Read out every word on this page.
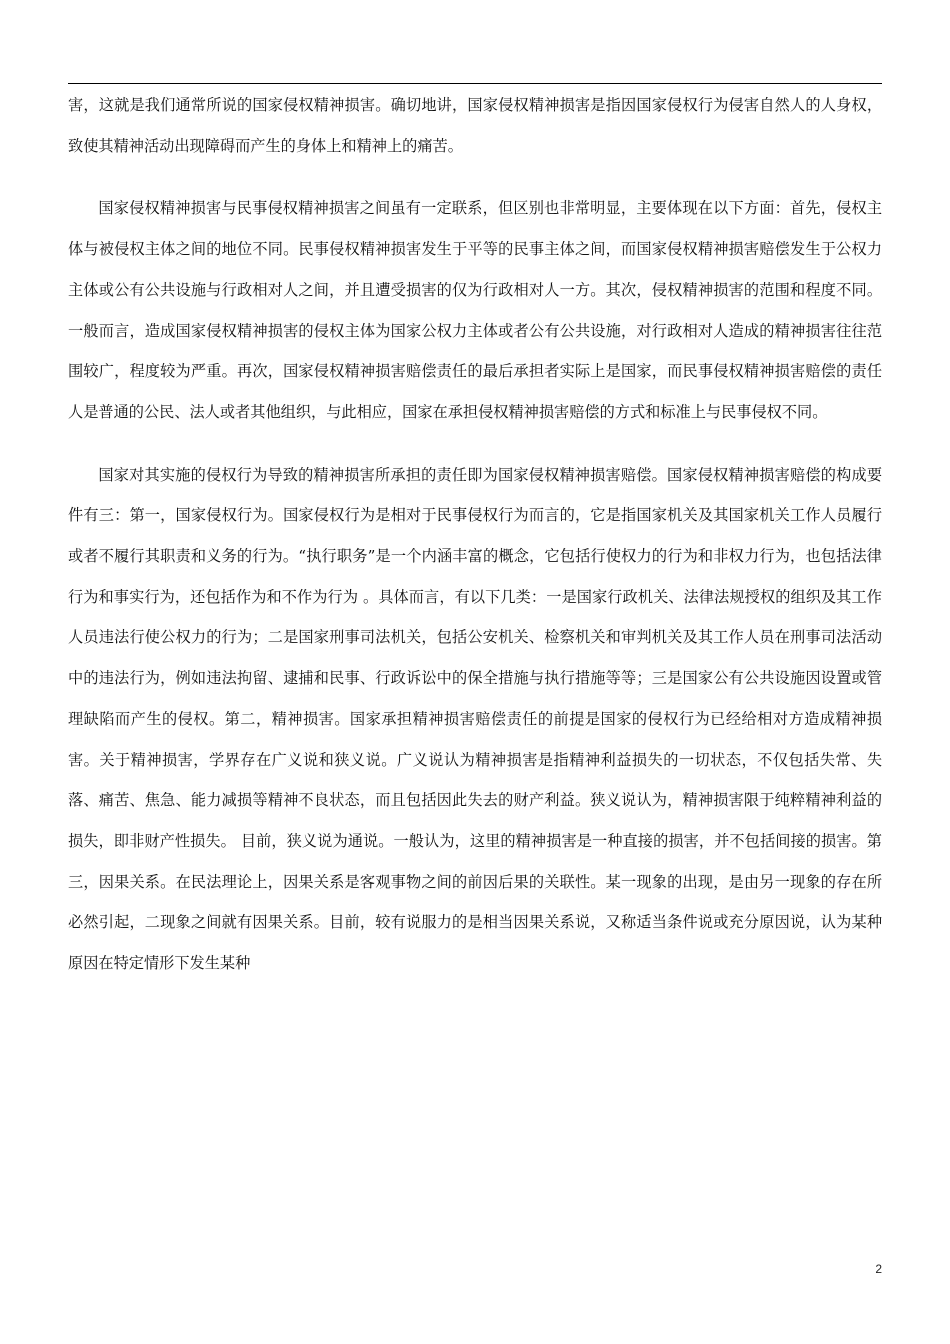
害，这就是我们通常所说的国家侵权精神损害。确切地讲，国家侵权精神损害是指因国家侵权行为侵害自然人的人身权，致使其精神活动出现障碍而产生的身体上和精神上的痛苦。

国家侵权精神损害与民事侵权精神损害之间虽有一定联系，但区别也非常明显，主要体现在以下方面：首先，侵权主体与被侵权主体之间的地位不同。民事侵权精神损害发生于平等的民事主体之间，而国家侵权精神损害赔偿发生于公权力主体或公有公共设施与行政相对人之间，并且遭受损害的仅为行政相对人一方。其次，侵权精神损害的范围和程度不同。一般而言，造成国家侵权精神损害的侵权主体为国家公权力主体或者公有公共设施，对行政相对人造成的精神损害往往范围较广，程度较为严重。再次，国家侵权精神损害赔偿责任的最后承担者实际上是国家，而民事侵权精神损害赔偿的责任人是普通的公民、法人或者其他组织，与此相应，国家在承担侵权精神损害赔偿的方式和标准上与民事侵权不同。

国家对其实施的侵权行为导致的精神损害所承担的责任即为国家侵权精神损害赔偿。国家侵权精神损害赔偿的构成要件有三：第一，国家侵权行为。国家侵权行为是相对于民事侵权行为而言的，它是指国家机关及其国家机关工作人员履行或者不履行其职责和义务的行为。“执行职务”是一个内涵丰富的概念，它包括行使权力的行为和非权力行为，也包括法律行为和事实行为，还包括作为和不作为行为 。具体而言，有以下几类：一是国家行政机关、法律法规授权的组织及其工作人员违法行使公权力的行为；二是国家刑事司法机关，包括公安机关、检察机关和审判机关及其工作人员在刑事司法活动中的违法行为，例如违法拘留、逮捕和民事、行政诉讼中的保全措施与执行措施等等；三是国家公有公共设施因设置或管理缺陷而产生的侵权。第二，精神损害。国家承担精神损害赔偿责任的前提是国家的侵权行为已经给相对方造成精神损害。关于精神损害，学界存在广义说和狭义说。广义说认为精神损害是指精神利益损失的一切状态，不仅包括失常、失落、痛苦、焦急、能力减损等精神不良状态，而且包括因此失去的财产利益。狭义说认为，精神损害限于纯粹精神利益的损失，即非财产性损失。 目前，狭义说为通说。一般认为，这里的精神损害是一种直接的损害，并不包括间接的损害。第三，因果关系。在民法理论上，因果关系是客观事物之间的前因后果的关联性。某一现象的出现，是由另一现象的存在所必然引起，二现象之间就有因果关系。目前，较有说服力的是相当因果关系说，又称适当条件说或充分原因说，认为某种原因在特定情形下发生某种

2
